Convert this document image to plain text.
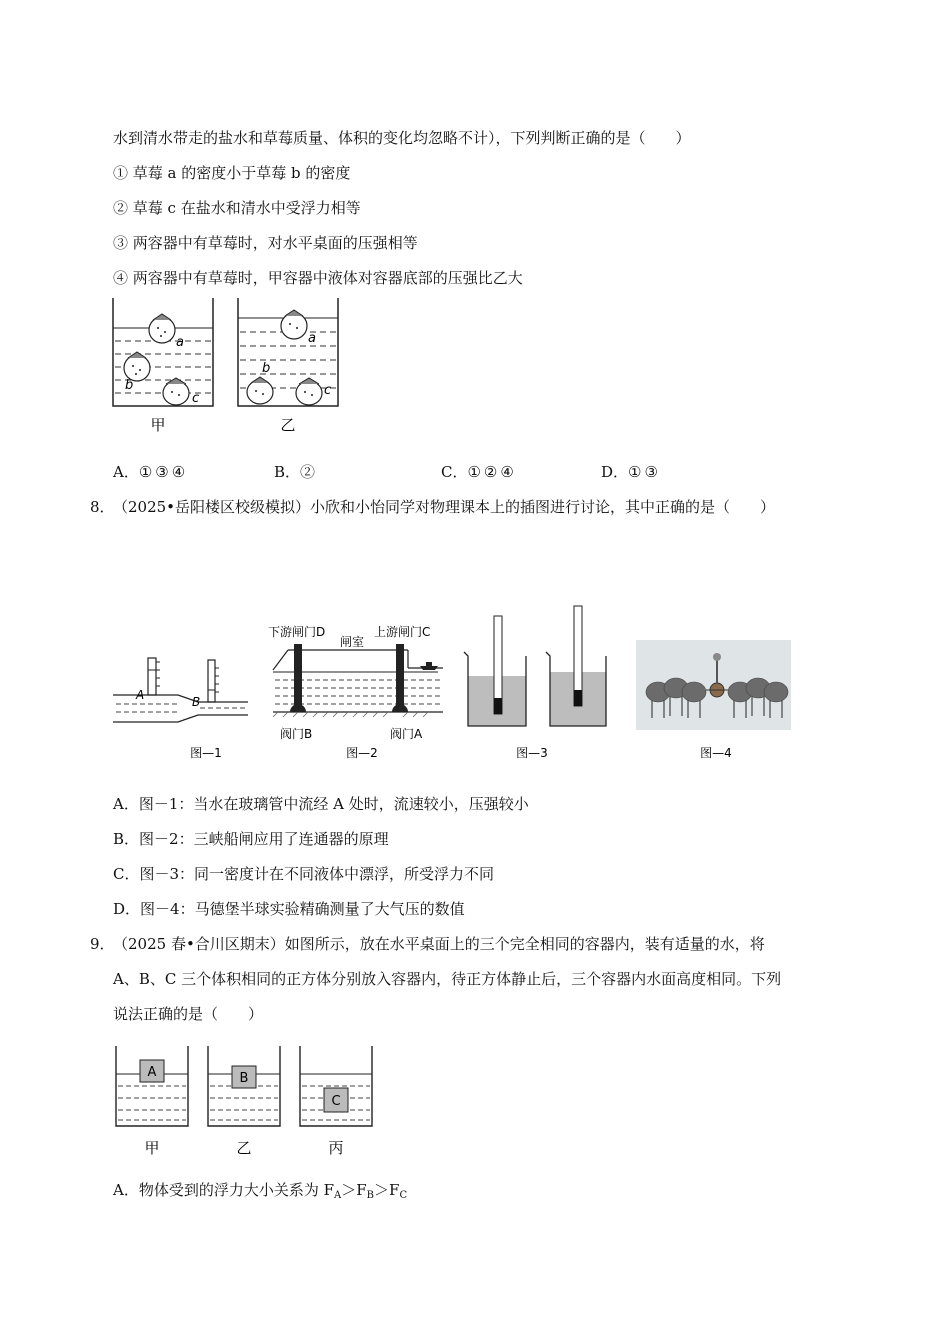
水到清水带走的盐水和草莓质量、体积的变化均忽略不计），下列判断正确的是（　　）
① 草莓 a 的密度小于草莓 b 的密度
② 草莓 c 在盐水和清水中受浮力相等
③ 两容器中有草莓时，对水平桌面的压强相等
④ 两容器中有草莓时，甲容器中液体对容器底部的压强比乙大
a
b
c
甲
a
b
c
乙
A．①③④	B．②	C．①②④	D．①③
8．
（2025•岳阳楼区校级模拟）小欣和小怡同学对物理课本上的插图进行讨论，其中正确的是（　　）
A	B
图—1
下游闸门D
闸室
上游闸门C
阀门B	阀门A
图—2	图—3	图—4
A．图－1：当水在玻璃管中流经 A 处时，流速较小，压强较小
B．图－2：三峡船闸应用了连通器的原理
C．图－3：同一密度计在不同液体中漂浮，所受浮力不同
D．图－4：马德堡半球实验精确测量了大气压的数值
9．
（2025 春•合川区期末）如图所示，放在水平桌面上的三个完全相同的容器内，装有适量的水，将
A、B、C 三个体积相同的正方体分别放入容器内，待正方体静止后，三个容器内水面高度相同。下列
说法正确的是（　　）
A
甲
B
乙
C
丙
A．物体受到的浮力大小关系为 $F_A>F_B>F_C$
